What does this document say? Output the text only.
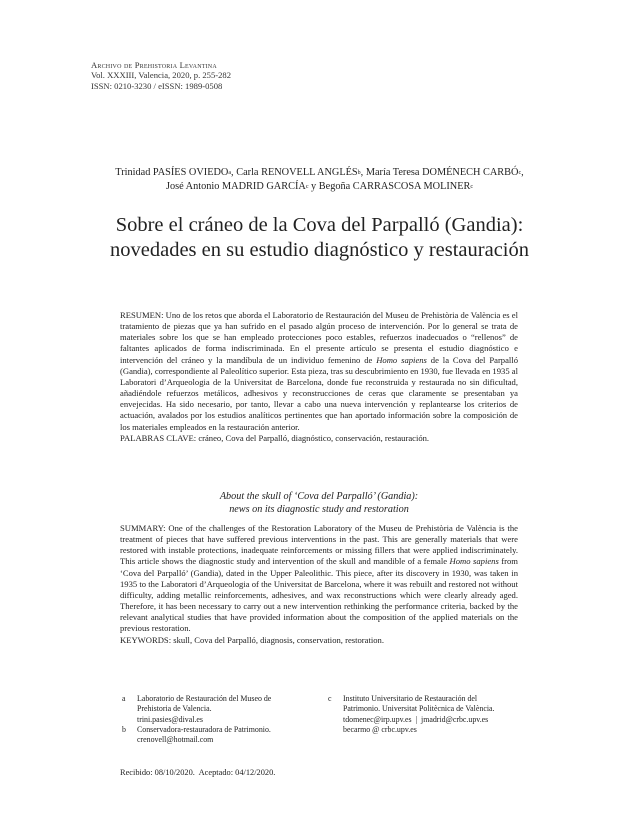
Archivo de Prehistoria Levantina
Vol. XXXIII, Valencia, 2020, p. 255-282
ISSN: 0210-3230 / eISSN: 1989-0508
Trinidad PASÍES OVIEDO$^a$, Carla RENOVELL ANGLÉS$^b$, María Teresa DOMÉNECH CARBÓ$^c$,
José Antonio MADRID GARCÍA$^c$ y Begoña CARRASCOSA MOLINER$^c$
Sobre el cráneo de la Cova del Parpalló (Gandia):
novedades en su estudio diagnóstico y restauración

RESUMEN: Uno de los retos que aborda el Laboratorio de Restauración del Museu de Prehistòria de València es el tratamiento de piezas que ya han sufrido en el pasado algún proceso de intervención. Por lo general se trata de materiales sobre los que se han empleado protecciones poco estables, refuerzos inadecuados o “rellenos” de faltantes aplicados de forma indiscriminada. En el presente artículo se presenta el estudio diagnóstico e intervención del cráneo y la mandíbula de un individuo femenino de Homo sapiens de la Cova del Parpalló (Gandia), correspondiente al Paleolítico superior. Esta pieza, tras su descubrimiento en 1930, fue llevada en 1935 al Laboratori d’Arqueologia de la Universitat de Barcelona, donde fue reconstruida y restaurada no sin dificultad, añadiéndole refuerzos metálicos, adhesivos y reconstrucciones de ceras que claramente se presentaban ya envejecidas. Ha sido necesario, por tanto, llevar a cabo una nueva intervención y replantearse los criterios de actuación, avalados por los estudios analíticos pertinentes que han aportado información sobre la composición de los materiales empleados en la restauración anterior.

PALABRAS CLAVE: cráneo, Cova del Parpalló, diagnóstico, conservación, restauración.

About the skull of ‘Cova del Parpalló’ (Gandia):
news on its diagnostic study and restoration

SUMMARY: One of the challenges of the Restoration Laboratory of the Museu de Prehistòria de València is the treatment of pieces that have suffered previous interventions in the past. This are generally materials that were restored with instable protections, inadequate reinforcements or missing fillers that were applied indiscriminately. This article shows the diagnostic study and intervention of the skull and mandible of a female Homo sapiens from ‘Cova del Parpalló’ (Gandia), dated in the Upper Paleolithic. This piece, after its discovery in 1930, was taken in 1935 to the Laboratori d’Arqueologia of the Universitat de Barcelona, where it was rebuilt and restored not without difficulty, adding metallic reinforcements, adhesives, and wax reconstructions which were clearly already aged. Therefore, it has been necessary to carry out a new intervention rethinking the performance criteria, backed by the relevant analytical studies that have provided information about the composition of the applied materials on the previous restoration.

KEYWORDS: skull, Cova del Parpalló, diagnosis, conservation, restoration.

a Laboratorio de Restauración del Museo de
Prehistoria de Valencia.
trini.pasies@dival.es
b Conservadora-restauradora de Patrimonio.
crenovell@hotmail.com
c Instituto Universitario de Restauración del
Patrimonio. Universitat Politècnica de València.
tdomenec@irp.upv.es  |  jmadrid@crbc.upv.es
becarmo @ crbc.upv.es
Recibido: 08/10/2020.  Aceptado: 04/12/2020.
